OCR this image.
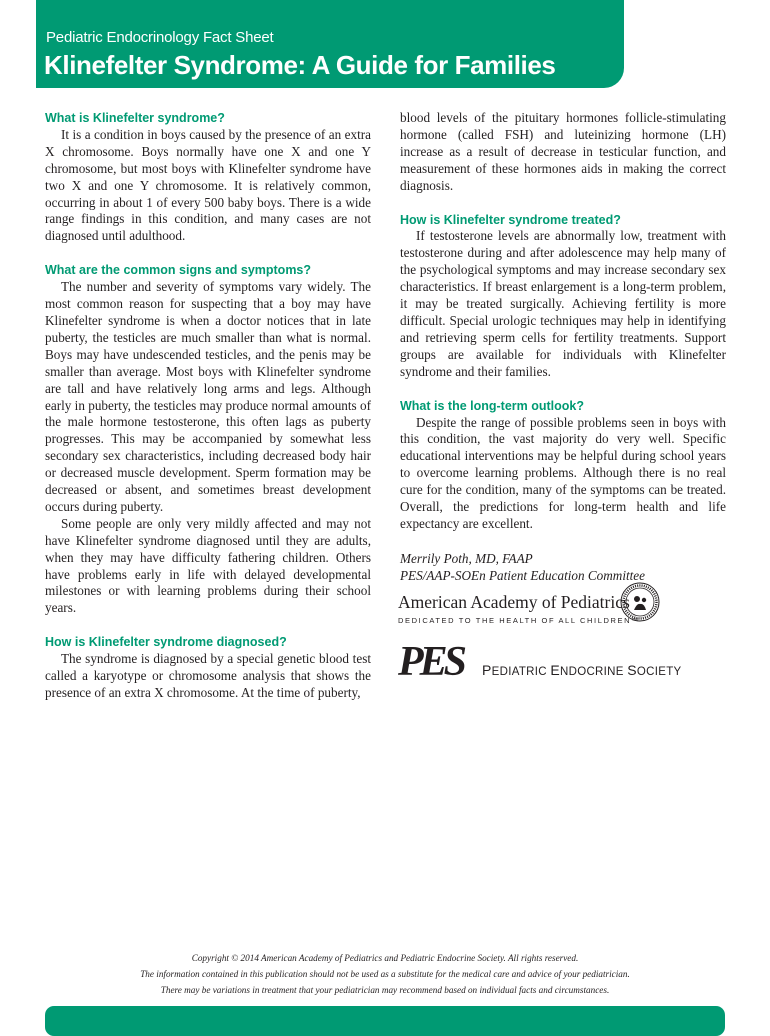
Pediatric Endocrinology Fact Sheet
Klinefelter Syndrome: A Guide for Families
What is Klinefelter syndrome?

It is a condition in boys caused by the presence of an extra X chromosome. Boys normally have one X and one Y chromosome, but most boys with Klinefelter syndrome have two X and one Y chromosome. It is relatively common, occurring in about 1 of every 500 baby boys. There is a wide range findings in this condition, and many cases are not diagnosed until adulthood.

What are the common signs and symptoms?

The number and severity of symptoms vary widely. The most common reason for suspecting that a boy may have Klinefelter syndrome is when a doctor notices that in late puberty, the testicles are much smaller than what is normal. Boys may have undescended testicles, and the penis may be smaller than average. Most boys with Klinefelter syndrome are tall and have relatively long arms and legs. Although early in puberty, the testicles may produce normal amounts of the male hormone testosterone, this often lags as puberty progresses. This may be accompanied by somewhat less secondary sex characteristics, including decreased body hair or decreased muscle development. Sperm formation may be decreased or absent, and sometimes breast development occurs during puberty.

Some people are only very mildly affected and may not have Klinefelter syndrome diagnosed until they are adults, when they may have difficulty fathering children. Others have problems early in life with delayed developmental milestones or with learning problems during their school years.

How is Klinefelter syndrome diagnosed?

The syndrome is diagnosed by a special genetic blood test called a karyotype or chromosome analysis that shows the presence of an extra X chromosome. At the time of puberty,

blood levels of the pituitary hormones follicle-stimulating hormone (called FSH) and luteinizing hormone (LH) increase as a result of decrease in testicular function, and measurement of these hormones aids in making the correct diagnosis.

How is Klinefelter syndrome treated?

If testosterone levels are abnormally low, treatment with testosterone during and after adolescence may help many of the psychological symptoms and may increase secondary sex characteristics. If breast enlargement is a long-term problem, it may be treated surgically. Achieving fertility is more difficult. Special urologic techniques may help in identifying and retrieving sperm cells for fertility treatments. Support groups are available for individuals with Klinefelter syndrome and their families.

What is the long-term outlook?

Despite the range of possible problems seen in boys with this condition, the vast majority do very well. Specific educational interventions may be helpful during school years to overcome learning problems. Although there is no real cure for the condition, many of the symptoms can be treated. Overall, the predictions for long-term health and life expectancy are excellent.

Merrily Poth, MD, FAAP
PES/AAP-SOEn Patient Education Committee
American Academy of Pediatrics
DEDICATED TO THE HEALTH OF ALL CHILDREN™
PES PEDIATRIC ENDOCRINE SOCIETY
Copyright © 2014 American Academy of Pediatrics and Pediatric Endocrine Society. All rights reserved.
The information contained in this publication should not be used as a substitute for the medical care and advice of your pediatrician.
There may be variations in treatment that your pediatrician may recommend based on individual facts and circumstances.
